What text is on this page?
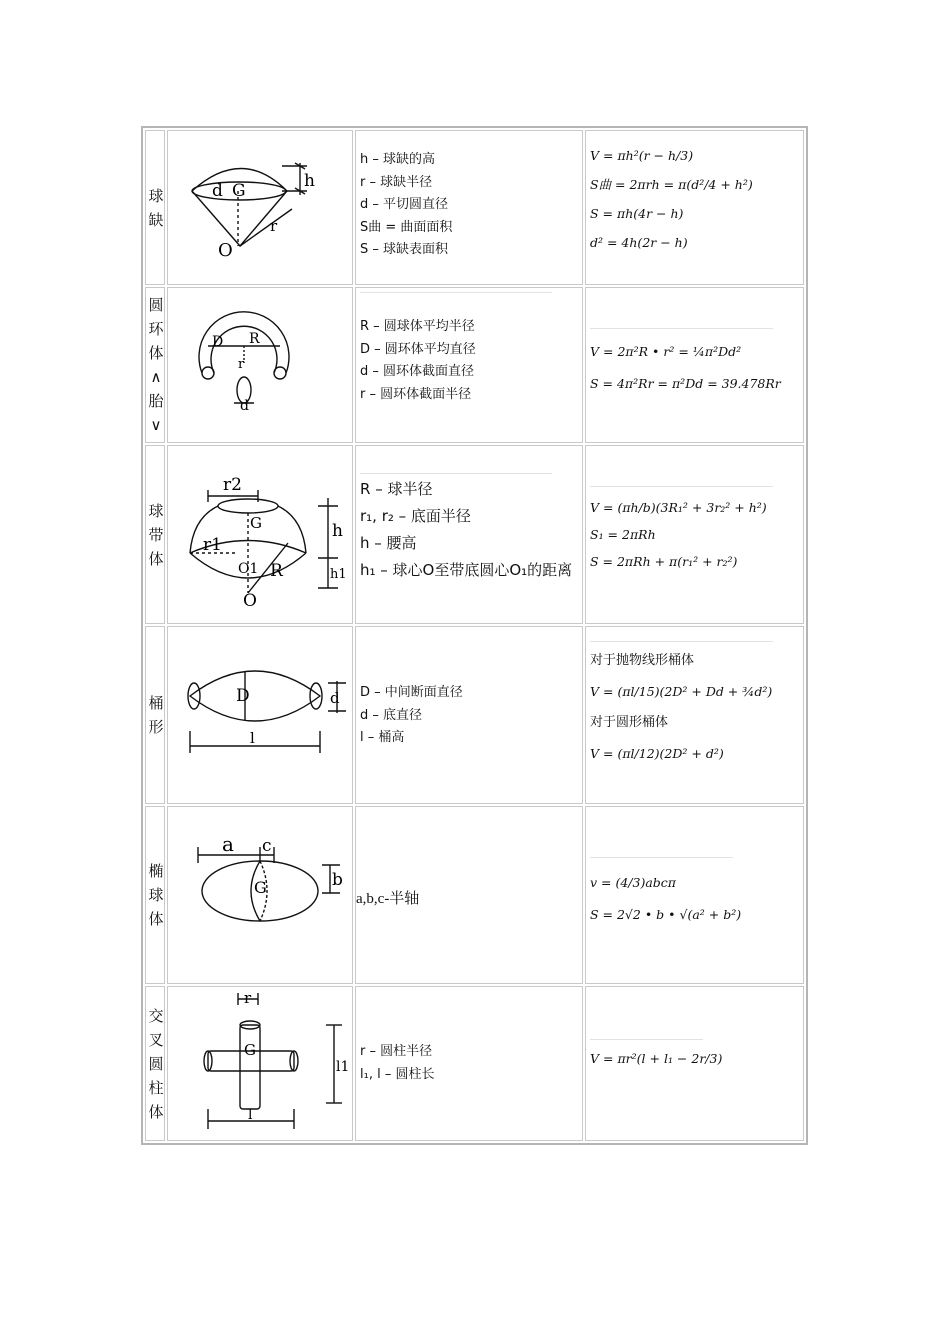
球
缺
d G	h
r
O
h – 球缺的高
r – 球缺半径
d – 平切圆直径
S曲 = 曲面面积
S – 球缺表面积
V = πh²(r − h/3)
S曲 = 2πrh = π(d²/4 + h²)
S = πh(4r − h)
d² = 4h(2r − h)
圆
环
体
∧
胎
∨
D R
r
d
R – 圆球体平均半径
D – 圆环体平均直径
d – 圆环体截面直径
r – 圆环体截面半径
V = 2π²R • r² = ¼π²Dd²
S = 4π²Rr = π²Dd = 39.478Rr
球
带
体
r2
r1
G
O1 R
O
h
h1
R – 球半径
r₁, r₂ – 底面半径
h – 腰高
h₁ – 球心O至带底圆心O₁的距离
V = (πh/b)(3R₁² + 3r₂² + h²)
S₁ = 2πRh
S = 2πRh + π(r₁² + r₂²)
桶
形
D	d
l
D – 中间断面直径
d – 底直径
l – 桶高
对于抛物线形桶体
V = (πl/15)(2D² + Dd + ¾d²)
对于圆形桶体
V = (πl/12)(2D² + d²)
椭
球
体
a c
b
G
a,b,c-半轴
v = (4/3)abcπ
S = 2√2 • b • √(a² + b²)
交
叉
圆
柱
体
r
G
l1
l
r – 圆柱半径
l₁, l – 圆柱长
V = πr²(l + l₁ − 2r/3)
